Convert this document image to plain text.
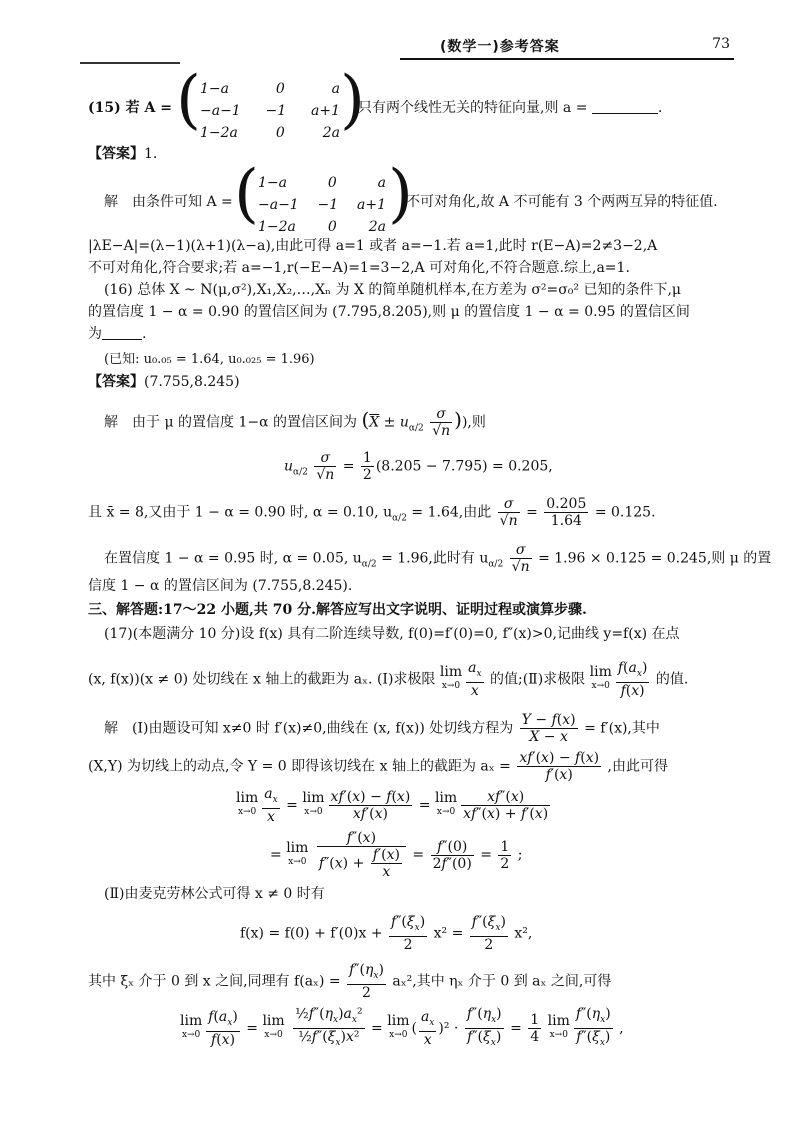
(数学一)参考答案	73
(15) 若 A = ( 1−a	0	a
−a−1 −1 a+1
1−2a	0	2a )
只有两个线性无关的特征向量,则 a =	.
【答案】1.
解　由条件可知 A = ( 1−a	0	a
−a−1 −1 a+1
1−2a 0 2a )
不可对角化,故 A 不可能有 3 个两两互异的特征值.
|λE−A|=(λ−1)(λ+1)(λ−a),由此可得 a=1 或者 a=−1.若 a=1,此时 r(E−A)=2≠3−2,A
不可对角化,符合要求;若 a=−1,r(−E−A)=1=3−2,A 可对角化,不符合题意.综上,a=1.
(16) 总体 X ~ N(μ,σ²),X₁,X₂,…,Xₙ 为 X 的简单随机样本,在方差为 σ²=σ₀² 已知的条件下,μ
的置信度 1 − α = 0.90 的置信区间为 (7.795,8.205),则 μ 的置信度 1 − α = 0.95 的置信区间
为	.
(已知: u₀.₀₅ = 1.64, u₀.₀₂₅ = 1.96)
【答案】(7.755,8.245)
解　由于 μ 的置信度 1−α 的置信区间为 ($\overline{X} \pm u_{\alpha/2} \frac{\sigma}{√n}$ )),则
$u_{\alpha/2} \frac{\sigma}{√n} = \frac{1}{2} (8.205 - 7.795) = 0.205$,
且 x̄ = 8,又由于 1 − α = 0.90 时, α = 0.10, $u_{\alpha/2} = 1.64$,由此 $\frac{\sigma}{√n} = \frac{0.205}{1.64} = 0.125$.
在置信度 1 − α = 0.95 时, α = 0.05, $u_{\alpha/2} = 1.96$,此时有 $u_{\alpha/2} \frac{\sigma}{√n} = 1.96 \times 0.125 = 0.245$,则 μ 的置
信度 1 − α 的置信区间为 (7.755,8.245).
三、解答题:17～22 小题,共 70 分.解答应写出文字说明、证明过程或演算步骤.
(17)(本题满分 10 分)设 f(x) 具有二阶连续导数, f(0)=f′(0)=0, f″(x)>0,记曲线 y=f(x) 在点
(x, f(x))(x ≠ 0) 处切线在 x 轴上的截距为 aₓ. (Ⅰ)求极限 lim
$x\to 0 \frac{a_x}{x}$ 的值;(Ⅱ)求极限 lim
$x\to 0 \frac{f(a_x)}{f(x)}$ 的值.
解　(Ⅰ)由题设可知 x≠0 时 f′(x)≠0,曲线在 (x, f(x)) 处切线方程为 $\frac{Y - f(x)}{X - x} = f'(x)$,其中
(X,Y) 为切线上的动点,令 Y = 0 即得该切线在 x 轴上的截距为 $a_x = \frac{xf'(x) - f(x)}{f'(x)}$ ,由此可得
lim
$x\to 0 \frac{a_x}{x} = \lim$
$x\to 0 \frac{xf'(x) - f(x)}{xf'(x)} = \lim$
$x\to 0 \frac{xf''(x)}{xf''(x) + f'(x)}$
= lim
x→0
$\frac{f''(x)}{f''(x) + \frac{f'(x)}{x}} = \frac{f''(0)}{2f''(0)} = \frac{1}{2}$ ;
(Ⅱ)由麦克劳林公式可得 x ≠ 0 时有
$f(x) = f(0) + f'(0)x + \frac{f''(\xi_x)}{2} x^2 = \frac{f''(\xi_x)}{2} x^2$,
其中 ξₓ 介于 0 到 x 之间,同理有 $f(a_x) = \frac{f''(\eta_x)}{2} a_x^2$,其中 ηₓ 介于 0 到 aₓ 之间,可得
lim
$x\to 0 \frac{f(a_x)}{f(x)} = \lim$
x→0
$\frac{\frac{1}{2}f''(\eta_x)a_x^2}{\frac{1}{2}f''(\xi_x)x^2} = \lim$
x→0 ( $\frac{a_x}{x} )^2 \cdot \frac{f''(\eta_x)}{f''(\xi_x)} = \frac{1}{4}$ lim
$x\to 0 \frac{f''(\eta_x)}{f''(\xi_x)}$ ,
